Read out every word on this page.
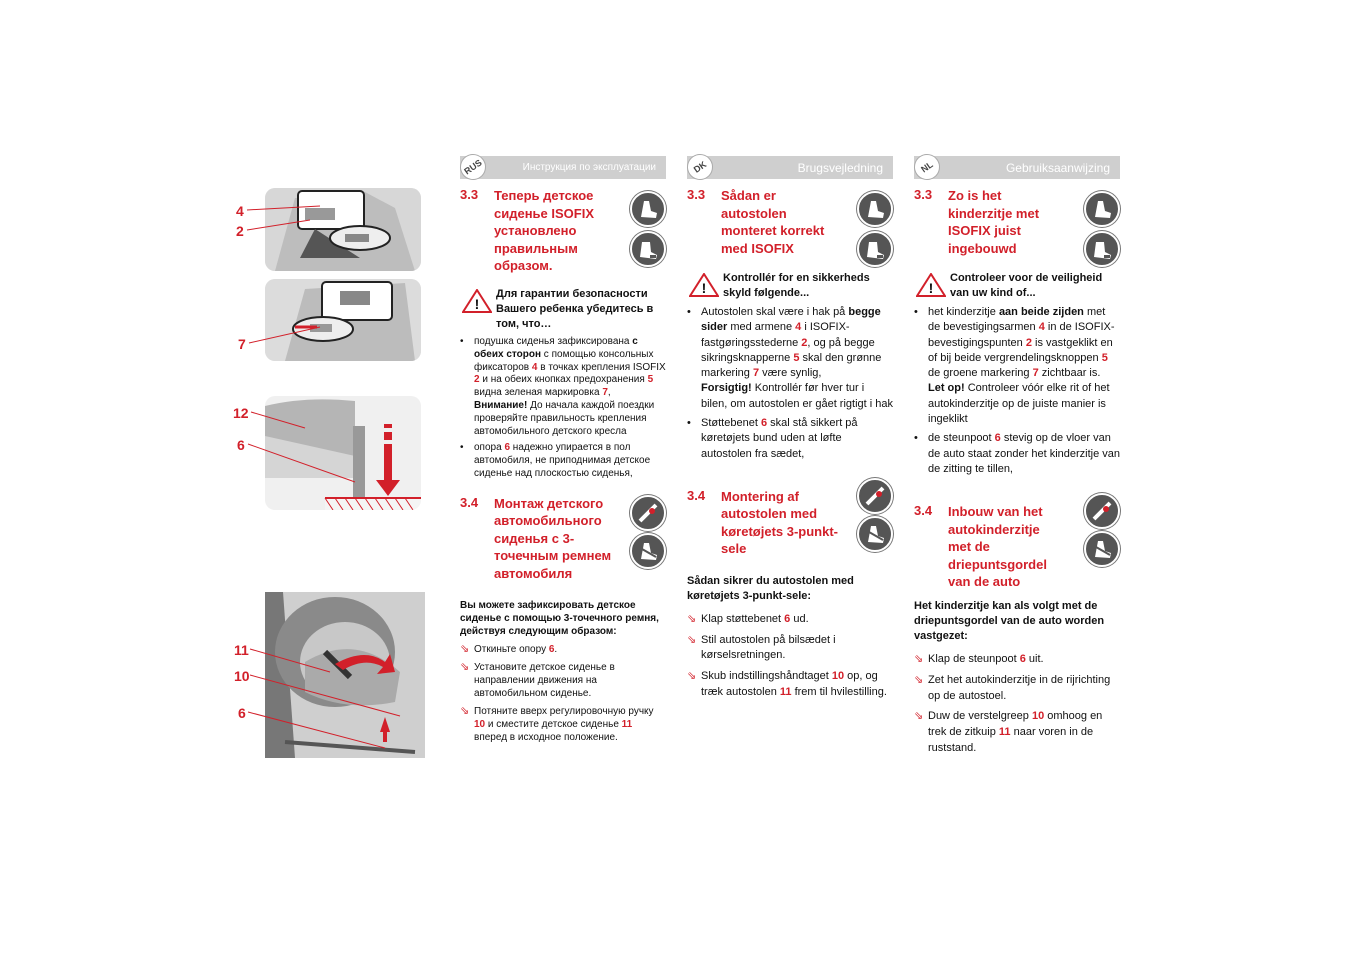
4
2
7
12
6
11
10
6
RUS	Инструкция по эксплуатации
3.3 Теперь детское сиденье ISOFIX установлено правильным образом.
!
Для гарантии безопасности Вашего ребенка убедитесь в том, что…
• подушка сиденья зафиксирована с обеих сторон с помощью консольных фиксаторов 4 в точках крепления ISOFIX 2 и на обеих кнопках предохранения 5 видна зеленая маркировка 7,
Внимание! До начала каждой поездки проверяйте правильность крепления автомобильного детского кресла
• опора 6 надежно упирается в пол автомобиля, не приподнимая детское сиденье над плоскостью сиденья,
3.4 Монтаж детского автомобильного сиденья с 3-точечным ремнем автомобиля
Вы можете зафиксировать детское сиденье с помощью 3-точечного ремня, действуя следующим образом:
⇘ Откиньте опору 6.
⇘ Установите детское сиденье в направлении движения на автомобильном сиденье.
⇘ Потяните вверх регулировочную ручку 10 и сместите детское сиденье 11 вперед в исходное положение.
DK	Brugsvejledning
3.3 Sådan er autostolen monteret korrekt med ISOFIX
!
Kontrollér for en sikkerheds skyld følgende...
• Autostolen skal være i hak på begge sider med armene 4 i ISOFIX-fastgøringsstederne 2, og på begge sikringsknapperne 5 skal den grønne markering 7 være synlig,
Forsigtig! Kontrollér før hver tur i bilen, om autostolen er gået rigtigt i hak
• Støttebenet 6 skal stå sikkert på køretøjets bund uden at løfte autostolen fra sædet,
3.4 Montering af autostolen med køretøjets 3-punkt-sele
Sådan sikrer du autostolen med køretøjets 3-punkt-sele:
⇘ Klap støttebenet 6 ud.
⇘ Stil autostolen på bilsædet i kørselsretningen.
⇘ Skub indstillingshåndtaget 10 op, og træk autostolen 11 frem til hvilestilling.
NL	Gebruiksaanwijzing
3.3 Zo is het kinderzitje met ISOFIX juist ingebouwd
!
Controleer voor de veiligheid van uw kind of...
• het kinderzitje aan beide zijden met de bevestigingsarmen 4 in de ISOFIX-bevestigingspunten 2 is vastgeklikt en of bij beide vergrendelingsknoppen 5 de groene markering 7 zichtbaar is.
Let op! Controleer vóór elke rit of het autokinderzitje op de juiste manier is ingeklikt
• de steunpoot 6 stevig op de vloer van de auto staat zonder het kinderzitje van de zitting te tillen,
3.4 Inbouw van het autokinderzitje met de driepuntsgordel van de auto
Het kinderzitje kan als volgt met de driepuntsgordel van de auto worden vastgezet:
⇘ Klap de steunpoot 6 uit.
⇘ Zet het autokinderzitje in de rijrichting op de autostoel.
⇘ Duw de verstelgreep 10 omhoog en trek de zitkuip 11 naar voren in de ruststand.
